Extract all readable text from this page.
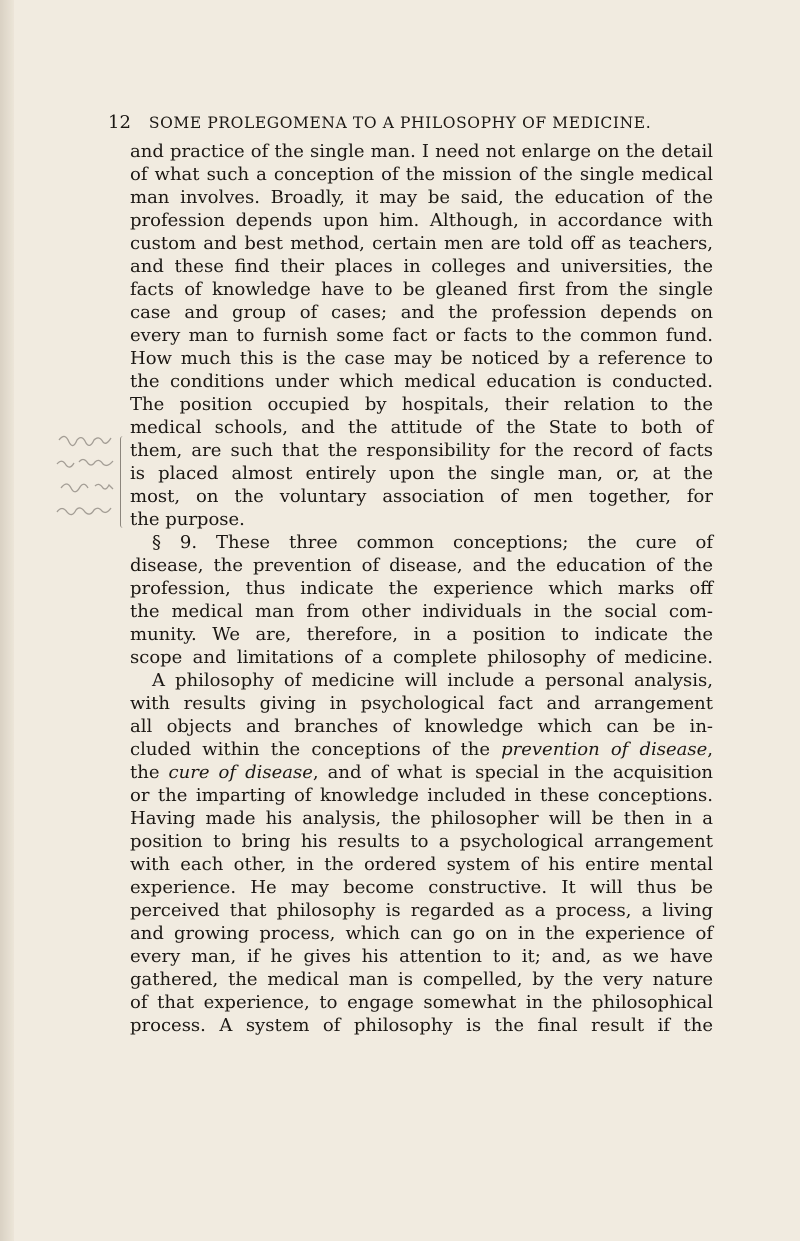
12 SOME PROLEGOMENA TO A PHILOSOPHY OF MEDICINE.
and practice of the single man. I need not enlarge on the detail
of what such a conception of the mission of the single medical
man involves. Broadly, it may be said, the education of the
profession depends upon him. Although, in accordance with
custom and best method, certain men are told off as teachers,
and these find their places in colleges and universities, the
facts of knowledge have to be gleaned first from the single
case and group of cases; and the profession depends on
every man to furnish some fact or facts to the common fund.
How much this is the case may be noticed by a reference to
the conditions under which medical education is conducted.
The position occupied by hospitals, their relation to the
medical schools, and the attitude of the State to both of
them, are such that the responsibility for the record of facts
is placed almost entirely upon the single man, or, at the
most, on the voluntary association of men together, for
the purpose.
§ 9. These three common conceptions; the cure of
disease, the prevention of disease, and the education of the
profession, thus indicate the experience which marks off
the medical man from other individuals in the social com-
munity. We are, therefore, in a position to indicate the
scope and limitations of a complete philosophy of medicine.
A philosophy of medicine will include a personal analysis,
with results giving in psychological fact and arrangement
all objects and branches of knowledge which can be in-
cluded within the conceptions of the prevention of disease,
the cure of disease, and of what is special in the acquisition
or the imparting of knowledge included in these conceptions.
Having made his analysis, the philosopher will be then in a
position to bring his results to a psychological arrangement
with each other, in the ordered system of his entire mental
experience. He may become constructive. It will thus be
perceived that philosophy is regarded as a process, a living
and growing process, which can go on in the experience of
every man, if he gives his attention to it; and, as we have
gathered, the medical man is compelled, by the very nature
of that experience, to engage somewhat in the philosophical
process. A system of philosophy is the final result if the
